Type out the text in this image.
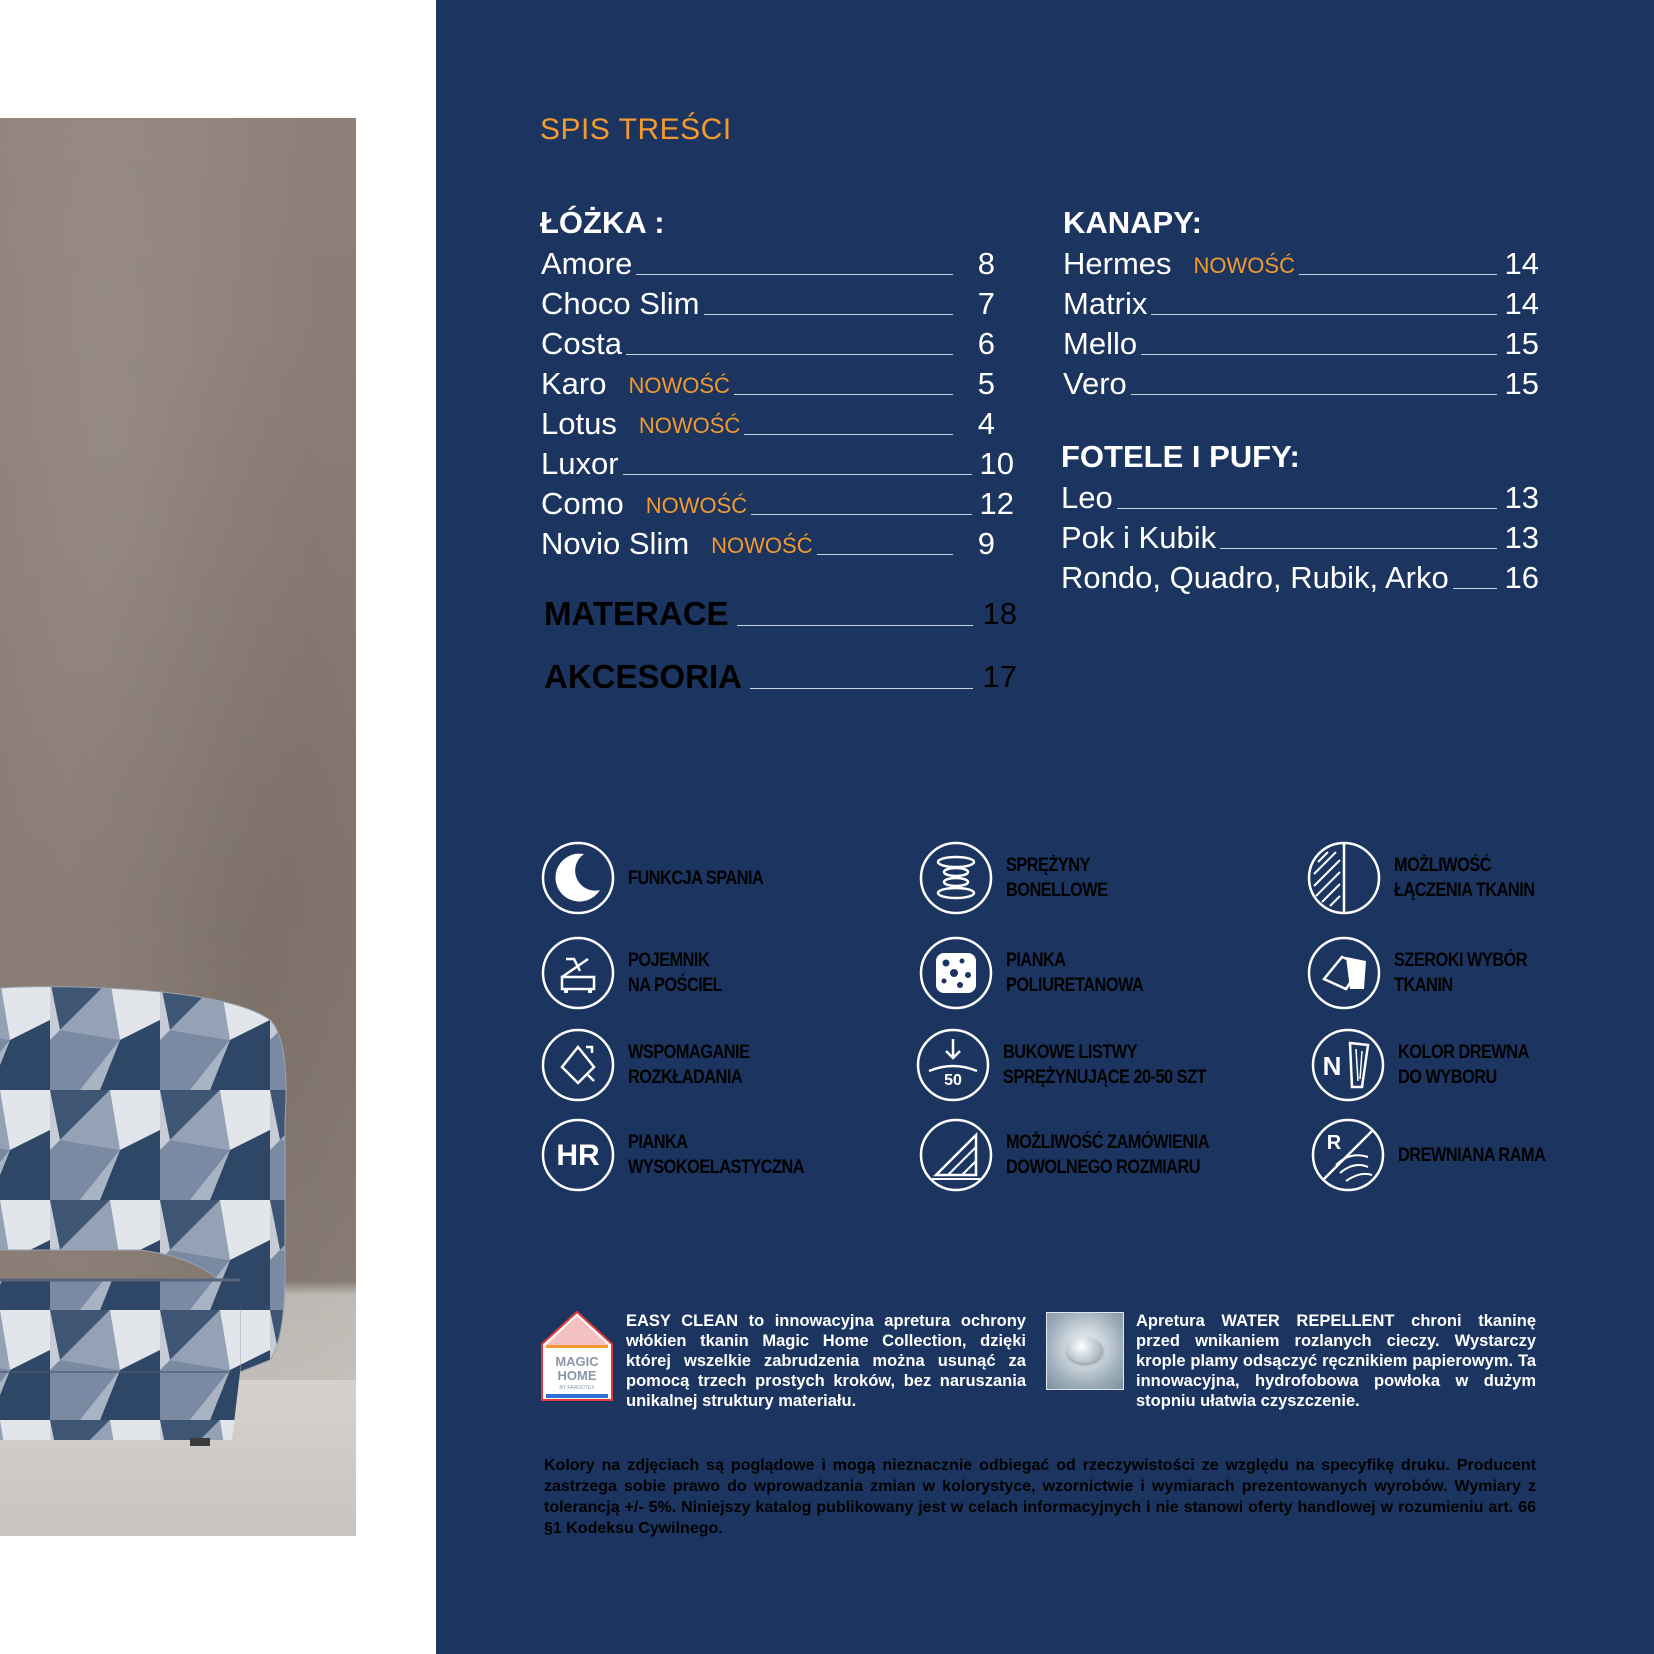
SPIS TREŚCI
ŁÓŻKA :
Amore	8
Choco Slim	7
Costa	6
Karo NOWOŚĆ	5
Lotus NOWOŚĆ	4
Luxor	10
Como NOWOŚĆ	12
Novio Slim NOWOŚĆ	9
MATERACE	18
AKCESORIA	17
KANAPY:
Hermes NOWOŚĆ	14
Matrix	14
Mello	15
Vero	15
FOTELE I PUFY:
Leo	13
Pok i Kubik	13
Rondo, Quadro, Rubik, Arko 16
FUNKCJA SPANIA
POJEMNIK
NA POŚCIEL
WSPOMAGANIE
ROZKŁADANIA
HR PIANKA
WYSOKOELASTYCZNA
SPRĘŻYNY
BONELLOWE
PIANKA
POLIURETANOWA
50
BUKOWE LISTWY
SPRĘŻYNUJĄCE 20-50 SZT
MOŻLIWOŚĆ ZAMÓWIENIA
DOWOLNEGO ROZMIARU
MOŻLIWOŚĆ
ŁĄCZENIA TKANIN
SZEROKI WYBÓR
TKANIN
N	KOLOR DREWNA
DO WYBORU
R
DREWNIANA RAMA
MAGIC
HOME
BY FARGOTEX
EASY CLEAN to innowacyjna apretura ochrony włókien tkanin Magic Home Collection, dzięki której wszelkie zabrudzenia można usunąć za pomocą trzech prostych kroków, bez naruszania unikalnej struktury materiału.
Apretura WATER REPELLENT chroni tkaninę przed wnikaniem rozlanych cieczy. Wystarczy krople plamy odsączyć ręcznikiem papierowym. Ta innowacyjna, hydrofobowa powłoka w dużym stopniu ułatwia czyszczenie.
Kolory na zdjęciach są poglądowe i mogą nieznacznie odbiegać od rzeczywistości ze względu na specyfikę druku. Producent zastrzega sobie prawo do wprowadzania zmian w kolorystyce, wzornictwie i wymiarach prezentowanych wyrobów. Wymiary z tolerancją +/- 5%. Niniejszy katalog publikowany jest w celach informacyjnych i nie stanowi oferty handlowej w rozumieniu art. 66 §1 Kodeksu Cywilnego.
